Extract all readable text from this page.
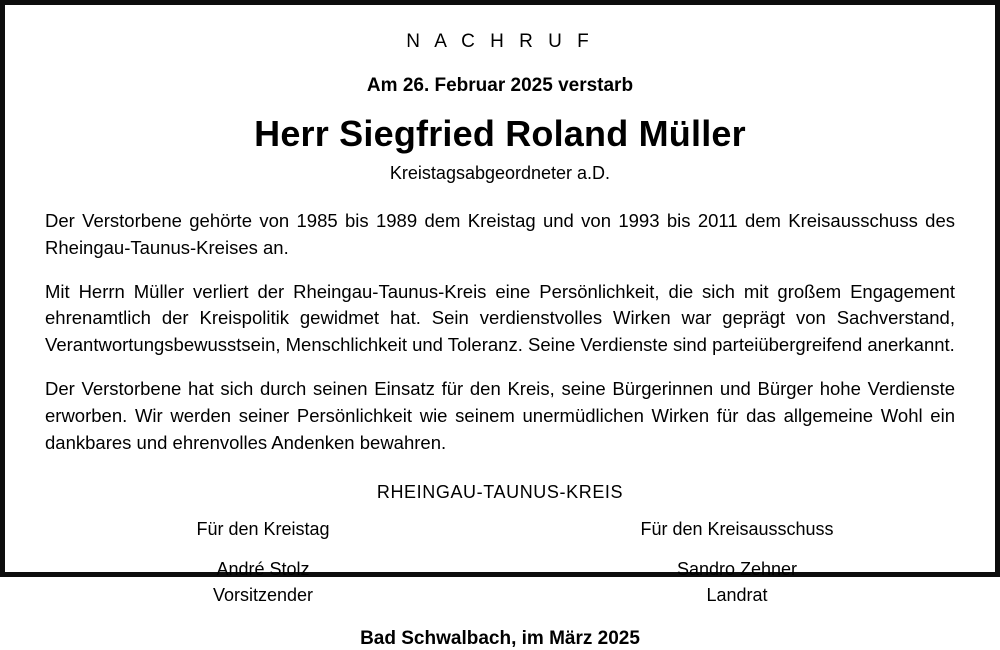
N A C H R U F
Am 26. Februar 2025 verstarb
Herr Siegfried Roland Müller
Kreistagsabgeordneter a.D.

Der Verstorbene gehörte von 1985 bis 1989 dem Kreistag und von 1993 bis 2011 dem Kreisausschuss des Rheingau-Taunus-Kreises an.

Mit Herrn Müller verliert der Rheingau-Taunus-Kreis eine Persönlichkeit, die sich mit großem Engagement ehrenamtlich der Kreispolitik gewidmet hat. Sein verdienstvolles Wirken war geprägt von Sachverstand, Verantwortungsbewusstsein, Menschlichkeit und Toleranz. Seine Verdienste sind parteiübergreifend anerkannt.

Der Verstorbene hat sich durch seinen Einsatz für den Kreis, seine Bürgerinnen und Bürger hohe Verdienste erworben. Wir werden seiner Persönlichkeit wie seinem unermüdlichen Wirken für das allgemeine Wohl ein dankbares und ehrenvolles Andenken bewahren.

RHEINGAU-TAUNUS-KREIS
Für den Kreistag
André Stolz
Vorsitzender
Für den Kreisausschuss
Sandro Zehner
Landrat
Bad Schwalbach, im März 2025
